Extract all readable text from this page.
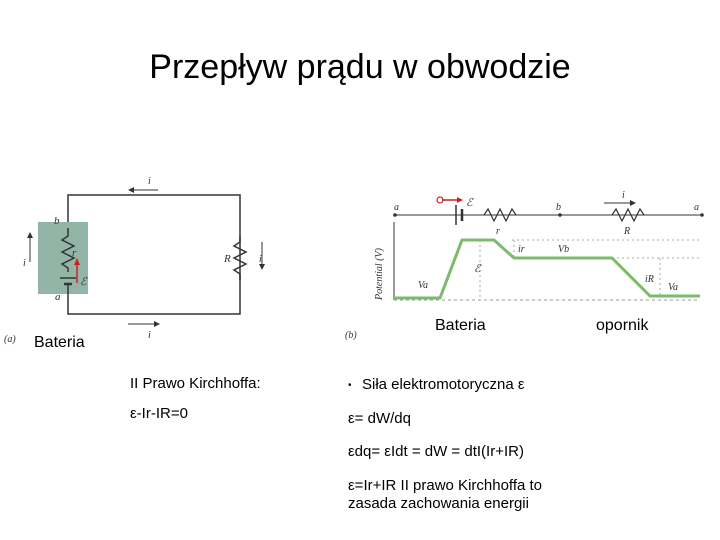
Przepływ prądu w obwodzie
i
i	i
i
b
a
r
ℰ
R
(a)
Potential (V)
a	b	a
ℰ
i
r	R
ir
iR
ℰ
Va
Vb
Va
(b)
Bateria
Bateria	opornik
II Prawo Kirchhoffa:
ε-Ir-IR=0
• Siła elektromotoryczna ε
ε= dW/dq
εdq= εIdt = dW = dtI(Ir+IR)
ε=Ir+IR II prawo Kirchhoffa to
zasada zachowania energii
